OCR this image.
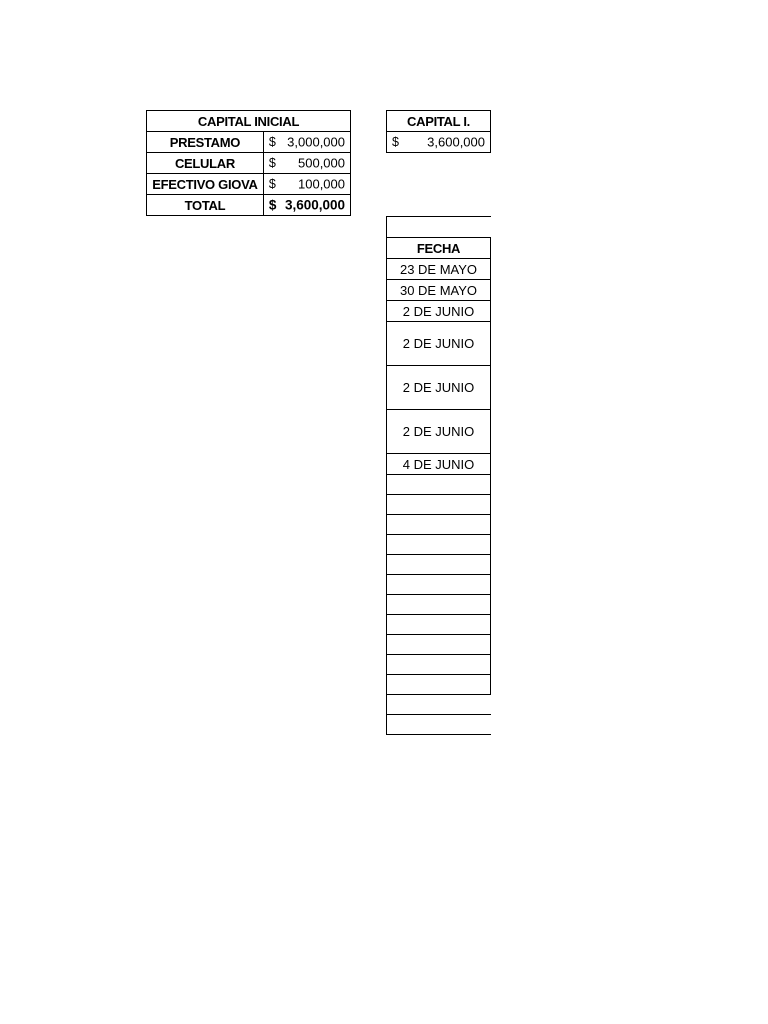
CAPITAL INICIAL	
PRESTAMO	$ 3,000,000

CELULAR	$ 500,000

EFECTIVO GIOVA	$ 100,000

TOTAL	$ 3,600,000
CAPITAL I.

$ 3,600,000

FECHA
23 DE MAYO
30 DE MAYO
2 DE JUNIO
2 DE JUNIO
2 DE JUNIO
2 DE JUNIO
4 DE JUNIO
